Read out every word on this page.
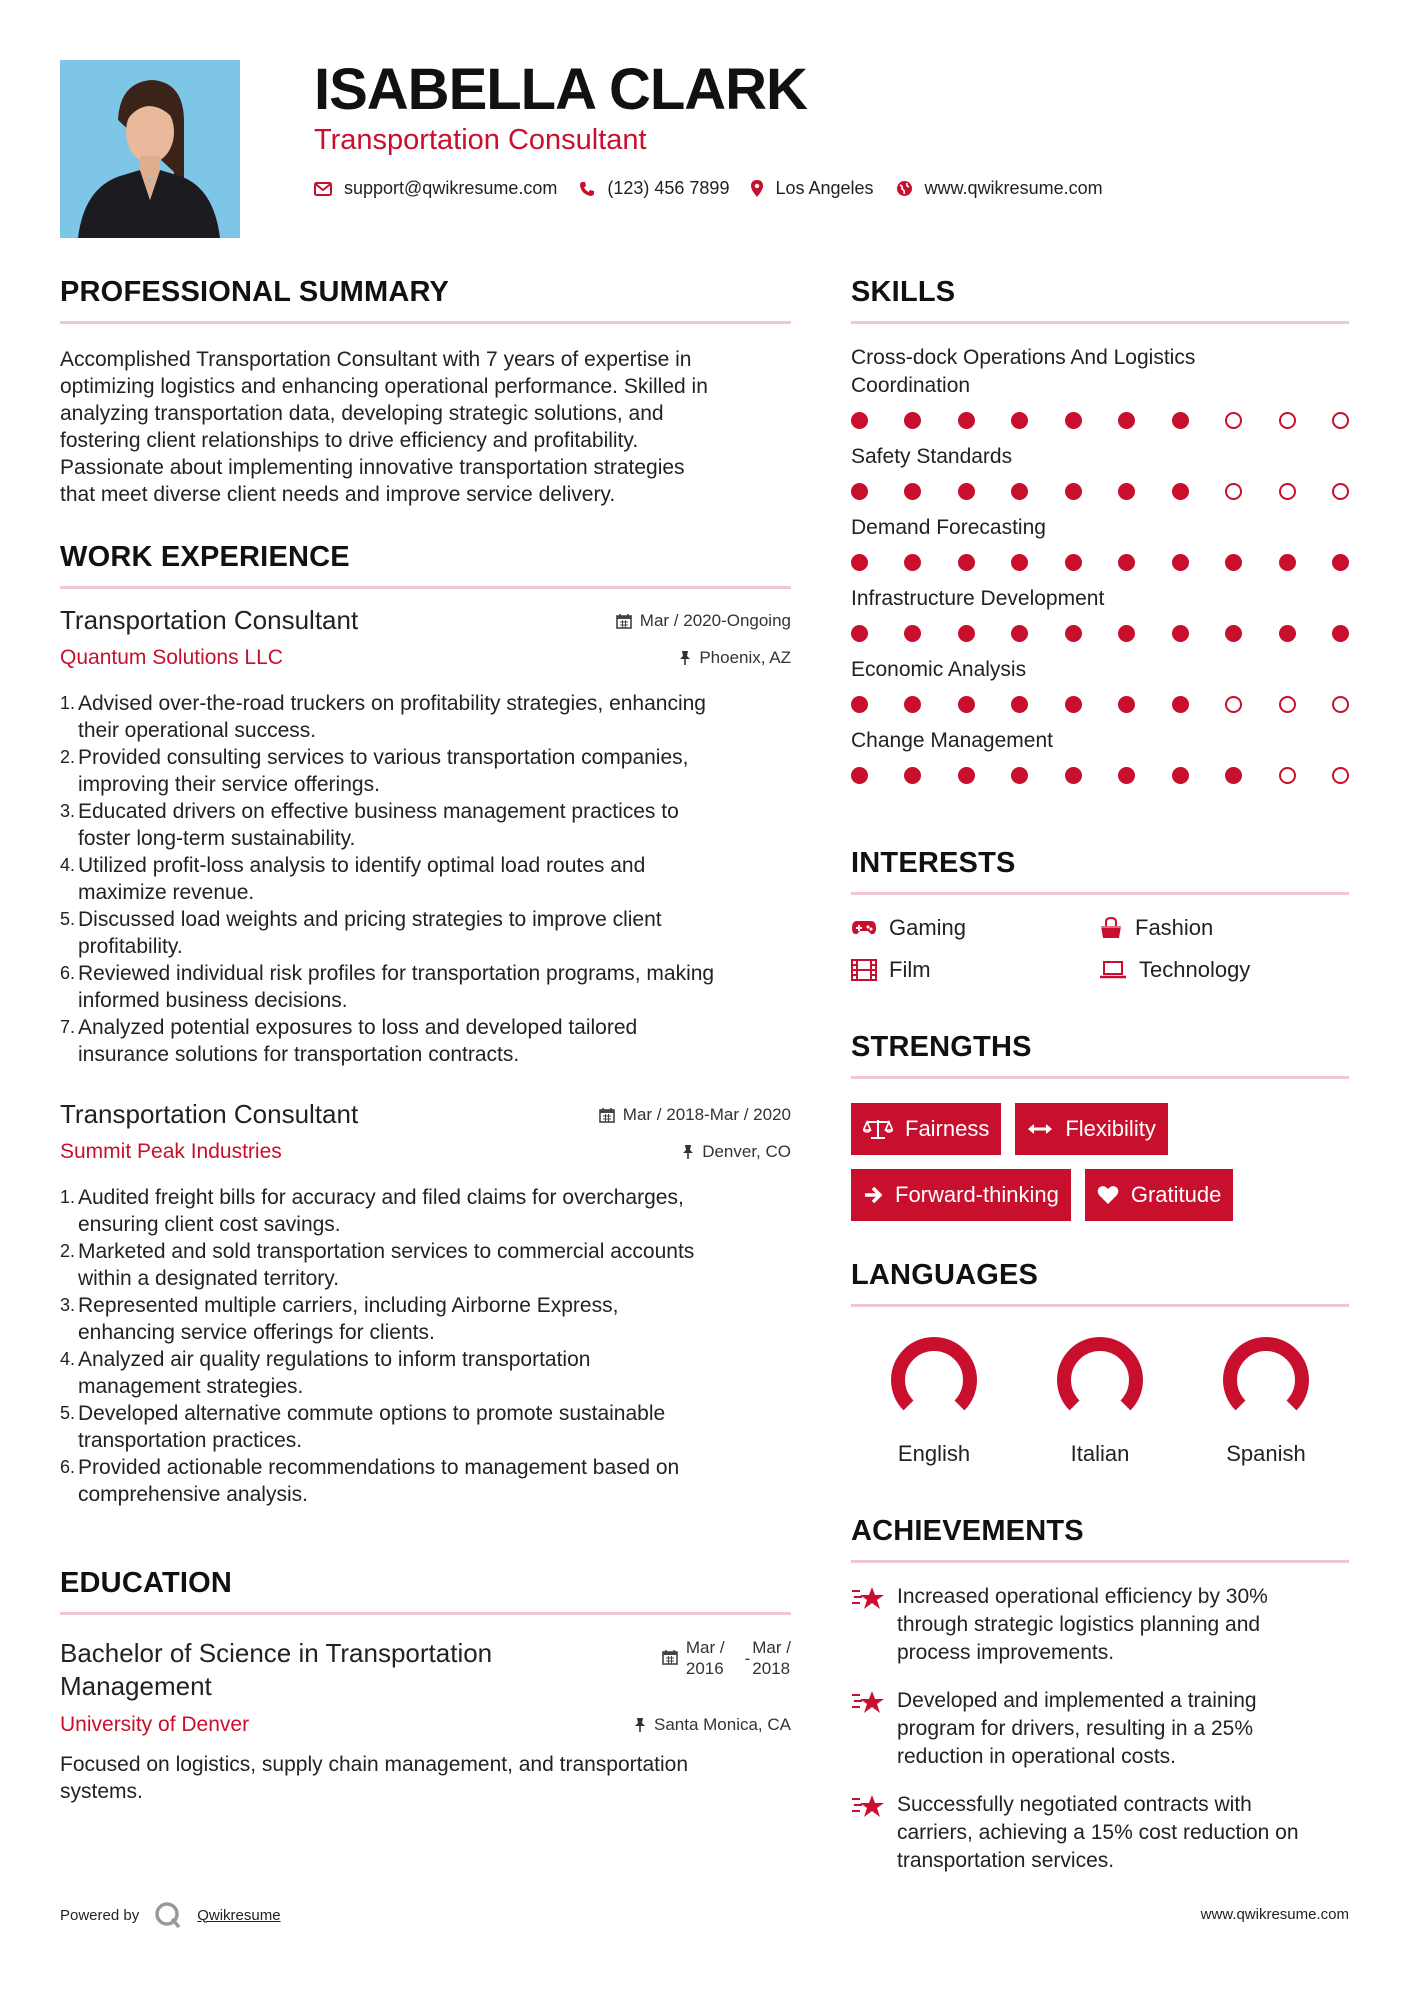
ISABELLA CLARK
Transportation Consultant
support@qwikresume.com	(123) 456 7899	Los Angeles	www.qwikresume.com
PROFESSIONAL SUMMARY
Accomplished Transportation Consultant with 7 years of expertise in
optimizing logistics and enhancing operational performance. Skilled in
analyzing transportation data, developing strategic solutions, and
fostering client relationships to drive efficiency and profitability.
Passionate about implementing innovative transportation strategies
that meet diverse client needs and improve service delivery.
WORK EXPERIENCE
Transportation Consultant	Mar / 2020-Ongoing
Quantum Solutions LLC	Phoenix, AZ
1. Advised over-the-road truckers on profitability strategies, enhancing
their operational success.
2. Provided consulting services to various transportation companies,
improving their service offerings.
3. Educated drivers on effective business management practices to
foster long-term sustainability.
4. Utilized profit-loss analysis to identify optimal load routes and
maximize revenue.
5. Discussed load weights and pricing strategies to improve client
profitability.
6. Reviewed individual risk profiles for transportation programs, making
informed business decisions.
7. Analyzed potential exposures to loss and developed tailored
insurance solutions for transportation contracts.
Transportation Consultant	Mar / 2018-Mar / 2020
Summit Peak Industries	Denver, CO
1. Audited freight bills for accuracy and filed claims for overcharges,
ensuring client cost savings.
2. Marketed and sold transportation services to commercial accounts
within a designated territory.
3. Represented multiple carriers, including Airborne Express,
enhancing service offerings for clients.
4. Analyzed air quality regulations to inform transportation
management strategies.
5. Developed alternative commute options to promote sustainable
transportation practices.
6. Provided actionable recommendations to management based on
comprehensive analysis.
EDUCATION
Bachelor of Science in Transportation
Management
Mar /
2016
-
Mar /
2018
University of Denver	Santa Monica, CA
Focused on logistics, supply chain management, and transportation
systems.
SKILLS
Cross-dock Operations And Logistics
Coordination
Safety Standards
Demand Forecasting
Infrastructure Development
Economic Analysis
Change Management
INTERESTS
Gaming	Fashion
Film	Technology
STRENGTHS
Fairness	Flexibility
Forward-thinking	Gratitude
LANGUAGES
English	Italian	Spanish
ACHIEVEMENTS
Increased operational efficiency by 30%
through strategic logistics planning and
process improvements.
Developed and implemented a training
program for drivers, resulting in a 25%
reduction in operational costs.
Successfully negotiated contracts with
carriers, achieving a 15% cost reduction on
transportation services.
Powered by	Qwikresume	www.qwikresume.com
